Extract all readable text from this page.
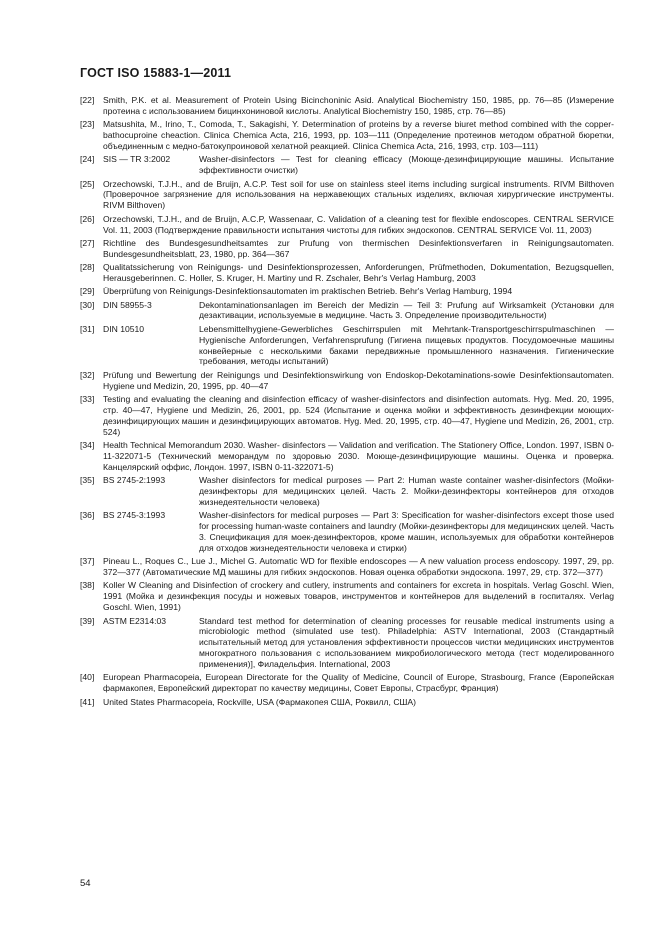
ГОСТ ISO 15883-1—2011
[22]	Smith, P.K. et al. Measurement of Protein Using Bicinchoninic Asid. Analytical Biochemistry 150, 1985, pp. 76—85 (Измерение протеина с использованием бицинхониновой кислоты. Analytical Biochemistry 150, 1985, стр. 76—85)
[23]	Matsushita, M., Irino, T., Comoda, T., Sakagishi, Y. Determination of proteins by a reverse biuret method combined with the copper-bathocuproine cheaction. Clinica Chemica Acta, 216, 1993, pp. 103—111 (Определение протеинов методом обратной бюретки, объединенным с медно-батокупроиновой хелатной реакцией. Clinica Chemica Acta, 216, 1993, стр. 103—111)
[24]	SIS — TR 3:2002	Washer-disinfectors — Test for cleaning efficacy (Моюще-дезинфицирующие машины. Испытание эффективности очистки)
[25]	Orzechowski, T.J.H., and de Bruijn, A.C.P. Test soil for use on stainless steel items including surgical instruments. RIVM Bilthoven (Проверочное загрязнение для использования на нержавеющих стальных изделиях, включая хирургические инструменты. RIVM Bilthoven)
[26]	Orzechowski, T.J.H., and de Bruijn, A.C.P, Wassenaar, C. Validation of a cleaning test for flexible endoscopes. CENTRAL SERVICE Vol. 11, 2003 (Подтверждение правильности испытания чистоты для гибких эндоскопов. CENTRAL SERVICE Vol. 11, 2003)
[27]	Richtline des Bundesgesundheitsamtes zur Prufung von thermischen Desinfektionsverfaren in Reinigungsautomaten. Bundesgesundheitsblatt, 23, 1980, pp. 364—367
[28]	Qualitatssicherung von Reinigungs- und Desinfektionsprozessen, Anforderungen, Prüfmethoden, Dokumentation, Bezugsquellen, Herausgeberinnen. C. Holler, S. Kruger, H. Martiny und R. Zschaler, Behr's Verlag Hamburg, 2003
[29]	Überprüfung von Reinigungs-Desinfektionsautomaten im praktischen Betrieb. Behr's Verlag Hamburg, 1994
[30]	DIN 58955-3	Dekontaminationsanlagen im Bereich der Medizin — Teil 3: Prufung auf Wirksamkeit (Установки для дезактивации, используемые в медицине. Часть 3. Определение производительности)
[31]	DIN 10510	Lebensmittelhygiene-Gewerbliches Geschirrspulen mit Mehrtank-Transportgeschirrspulmaschinen — Hygienische Anforderungen, Verfahrensprufung (Гигиена пищевых продуктов. Посудомоечные машины конвейерные с несколькими баками передвижные промышленного назначения. Гигиенические требования, методы испытаний)
[32]	Prüfung und Bewertung der Reinigungs und Desinfektionswirkung von Endoskop-Dekotaminations-sowie Desinfektionsautomaten. Hygiene und Medizin, 20, 1995, pp. 40—47
[33]	Testing and evaluating the cleaning and disinfection efficacy of washer-disinfectors and disinfection automats. Hyg. Med. 20, 1995, стр. 40—47, Hygiene und Medizin, 26, 2001, pp. 524 (Испытание и оценка мойки и эффективность дезинфекции моющих-дезинфицирующих машин и дезинфицирующих автоматов. Hyg. Med. 20, 1995, стр. 40—47, Hygiene und Medizin, 26, 2001, стр. 524)
[34]	Health Technical Memorandum 2030. Washer- disinfectors — Validation and verification. The Stationery Office, London. 1997, ISBN 0-11-322071-5 (Технический меморандум по здоровью 2030. Моюще-дезинфицирующие машины. Оценка и проверка. Канцелярский оффис, Лондон. 1997, ISBN 0-11-322071-5)
[35]	BS 2745-2:1993	Washer disinfectors for medical purposes — Part 2: Human waste container washer-disinfectors (Мойки-дезинфекторы для медицинских целей. Часть 2. Мойки-дезинфекторы контейнеров для отходов жизнедеятельности человека)
[36]	BS 2745-3:1993	Washer-disinfectors for medical purposes — Part 3: Specification for washer-disinfectors except those used for processing human-waste containers and laundry (Мойки-дезинфекторы для медицинских целей. Часть 3. Спецификация для моек-дезинфекторов, кроме машин, используемых для обработки контейнеров для отходов жизнедеятельности человека и стирки)
[37]	Pineau L., Roques C., Lue J., Michel G. Automatic WD for flexible endoscopes — A new valuation process endoscopy. 1997, 29, pp. 372—377 (Автоматические МД машины для гибких эндоскопов. Новая оценка обработки эндоскопа. 1997, 29, стр. 372—377)
[38]	Koller W Cleaning and Disinfection of crockery and cutlery, instruments and containers for excreta in hospitals. Verlag Goschl. Wien, 1991 (Мойка и дезинфекция посуды и ножевых товаров, инструментов и контейнеров для выделений в госпиталях. Verlag Goschl. Wien, 1991)
[39]	ASTM E2314:03	Standard test method for determination of cleaning processes for reusable medical instruments using a microbiologic method (simulated use test). Philadelphia: ASTV International, 2003 (Стандартный испытательный метод для установления эффективности процессов чистки медицинских инструментов многократного пользования с использованием микробиологического метода (тест моделированного применения)], Филадельфия. International, 2003
[40]	European Pharmacopeia, European Directorate for the Quality of Medicine, Council of Europe, Strasbourg, France (Европейская фармакопея, Европейский директорат по качеству медицины, Совет Европы, Страсбург, Франция)
[41]	United States Pharmacopeia, Rockville, USA (Фармакопея США, Роквилл, США)
54
